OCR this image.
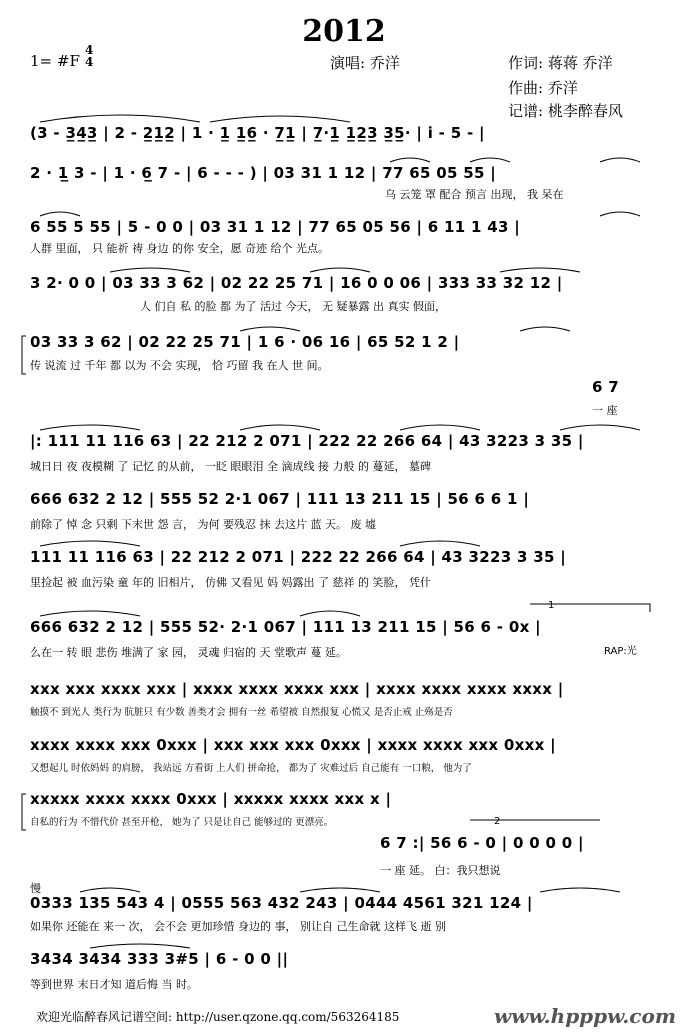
2012
1= #F
4
4	演唱: 乔洋	作词: 蒋蒋 乔洋
作曲: 乔洋
记谱: 桃李醉春风
(3 - 3̲4̲3̲ | 2 - 2̲1̲2̲ | 1 · 1̲ 1̲6̲ · 7̲1̲ | 7̲·1̲ 1̲2̲3̲ 3̲5̲· | i̇ - 5 - |
2 · 1̲ 3 - | 1 · 6̲ 7 - | 6 - - - ) | 03 31 1 12 | 77 65 05 55 |
乌 云笼 罩 配合 预言 出现， 我 呆在
6 55 5 55 | 5 - 0 0 | 03 31 1 12 | 77 65 05 56 | 6 11 1 43 |
人群 里面， 只 能祈 祷 身边 的你 安全，愿 奇迹 给个 光点。
3 2· 0 0 | 03 33 3 62 | 02 22 25 71 | 16 0 0 06 | 333 33 32 12 |
人 们自 私 的脸 都 为了 活过 今天， 无 疑暴露 出 真实 假面，
03 33 3 62 | 02 22 25 71 | 1 6 · 06 16 | 65 52 1 2 |
传 说流 过 千年 都 以为 不会 实现， 恰 巧留 我 在人 世 间。
6 7
一 座
|: 111 11 116 63 | 22 212 2 071 | 222 22 266 64 | 43 3223 3 35 |
城日日 夜 夜模糊 了 记忆 的从前， 一眨 眼眼泪 全 滴成线 接 力般 的 蔓延， 墓碑
666 632 2 12 | 555 52 2·1 067 | 111 13 211 15 | 56 6 6 1 |
前除了 悼 念 只剩 下末世 怨 言， 为何 要残忍 抹 去这片 蓝 天。 废 墟
111 11 116 63 | 22 212 2 071 | 222 22 266 64 | 43 3223 3 35 |
里捡起 被 血污染 童 年的 旧相片， 仿佛 又看见 妈 妈露出 了 慈祥 的 笑脸， 凭什
666 632 2 12 | 555 52· 2·1 067 | 111 13 211 15 | 56 6 - 0x |
么在一 转 眼 悲伤 堆满了 家 园， 灵魂 归宿的 天 堂歌声 蔓 延。	RAP:光
1
xxx xxx xxxx xxx | xxxx xxxx xxxx xxx | xxxx xxxx xxxx xxxx |
触摸不 到光人 类行为 肮脏只 有少数 善类才会 拥有一丝 希望被 自然报复 心慌又 是否止戒 止殇是否
xxxx xxxx xxx 0xxx | xxx xxx xxx 0xxx | xxxx xxxx xxx 0xxx |
又想起儿 时依妈妈 的肩膀， 我站远 方看街 上人们 拼命抢， 都为了 灾难过后 自己能有 一口粮， 他为了
xxxxx xxxx xxxx 0xxx | xxxxx xxxx xxx x |
自私的行为 不惜代价 甚至开枪， 她为了 只是让自己 能够过的 更漂亮。
6 7 :| 56 6 - 0 | 0 0 0 0 |
一 座 延。 白：我只想说
2
慢
0333 135 543 4 | 0555 563 432 243 | 0444 4561 321 124 |
如果你 还能在 来一 次， 会不会 更加珍惜 身边的 事， 别让自 己生命就 这样飞 逝 别
3434 3434 333 3#5 | 6 - 0 0 ||
等到世界 末日才知 道后悔 当 时。
欢迎光临醉春风记谱空间: http://user.qzone.qq.com/563264185	www.hpppw.com
